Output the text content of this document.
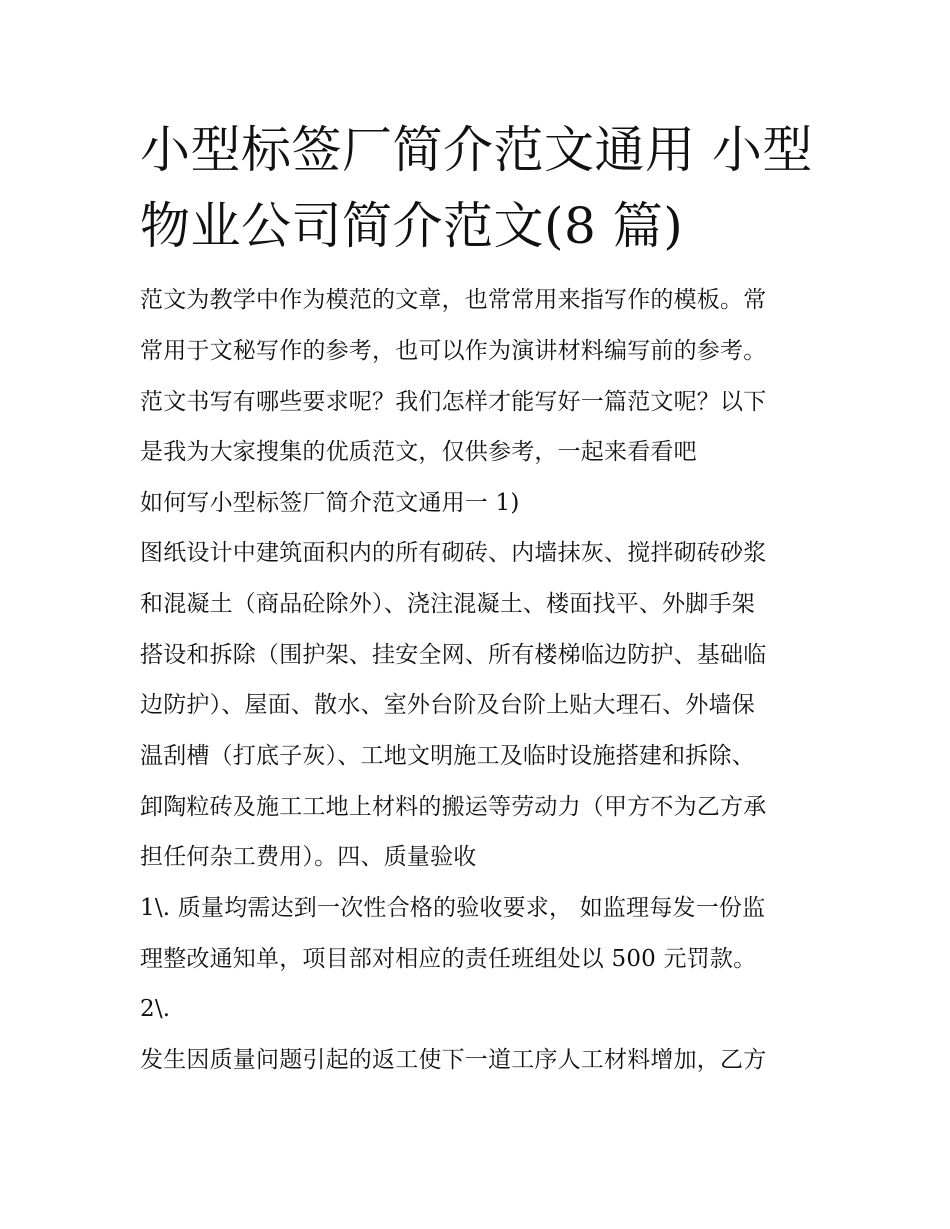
小型标签厂简介范文通用 小型
物业公司简介范文(8 篇)

范文为教学中作为模范的文章，也常常用来指写作的模板。常

常用于文秘写作的参考，也可以作为演讲材料编写前的参考。

范文书写有哪些要求呢？我们怎样才能写好一篇范文呢？以下

是我为大家搜集的优质范文，仅供参考，一起来看看吧

如何写小型标签厂简介范文通用一 1)

图纸设计中建筑面积内的所有砌砖、内墙抹灰、搅拌砌砖砂浆

和混凝土（商品砼除外）、浇注混凝土、楼面找平、外脚手架

搭设和拆除（围护架、挂安全网、所有楼梯临边防护、基础临

边防护）、屋面、散水、室外台阶及台阶上贴大理石、外墙保

温刮槽（打底子灰）、工地文明施工及临时设施搭建和拆除、

卸陶粒砖及施工工地上材料的搬运等劳动力（甲方不为乙方承

担任何杂工费用）。四、质量验收

1\. 质量均需达到一次性合格的验收要求， 如监理每发一份监

理整改通知单，项目部对相应的责任班组处以 500 元罚款。

2\.

发生因质量问题引起的返工使下一道工序人工材料增加，乙方
